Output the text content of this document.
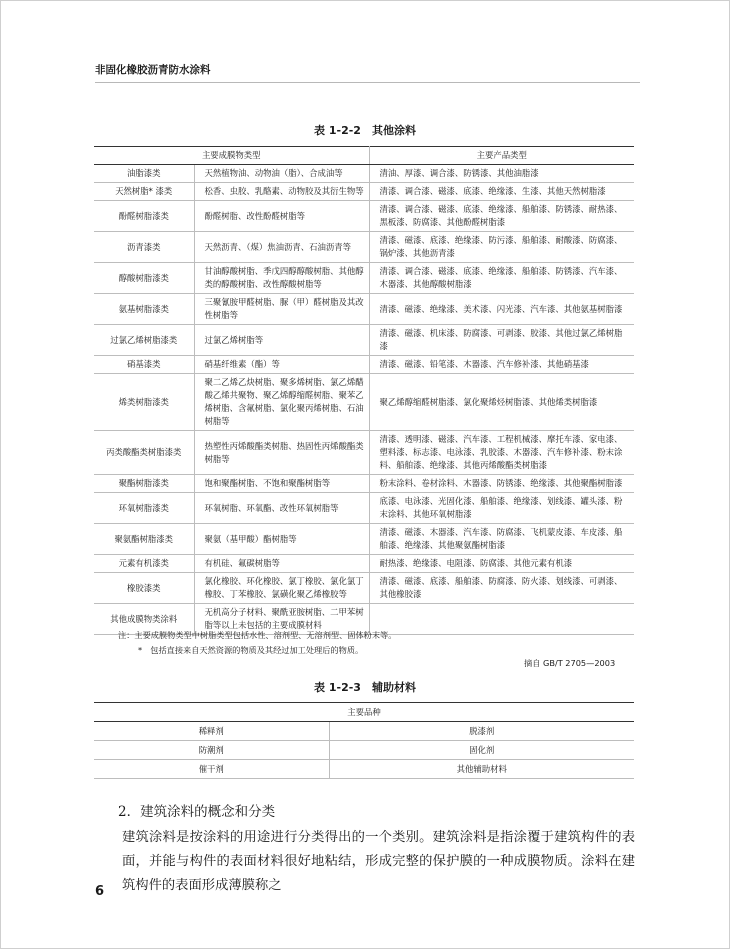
非固化橡胶沥青防水涂料
表 1-2-2　其他涂料
主要成膜物类型		主要产品类型
油脂漆类	天然植物油、动物油（脂）、合成油等	清油、厚漆、调合漆、防锈漆、其他油脂漆
天然树脂* 漆类	松香、虫胶、乳酪素、动物胶及其衍生物等	清漆、调合漆、磁漆、底漆、绝缘漆、生漆、其他天然树脂漆
酚醛树脂漆类	酚醛树脂、改性酚醛树脂等	清漆、调合漆、磁漆、底漆、绝缘漆、船舶漆、防锈漆、耐热漆、黑板漆、防腐漆、其他酚醛树脂漆
沥青漆类	天然沥青、（煤）焦油沥青、石油沥青等	清漆、磁漆、底漆、绝缘漆、防污漆、船舶漆、耐酸漆、防腐漆、锅炉漆、其他沥青漆
醇酸树脂漆类	甘油醇酸树脂、季戊四醇醇酸树脂、其他醇类的醇酸树脂、改性醇酸树脂等	清漆、调合漆、磁漆、底漆、绝缘漆、船舶漆、防锈漆、汽车漆、木器漆、其他醇酸树脂漆
氨基树脂漆类	三聚氰胺甲醛树脂、脲（甲）醛树脂及其改性树脂等	清漆、磁漆、绝缘漆、美术漆、闪光漆、汽车漆、其他氨基树脂漆
过氯乙烯树脂漆类	过氯乙烯树脂等	清漆、磁漆、机床漆、防腐漆、可剥漆、胶漆、其他过氯乙烯树脂漆
硝基漆类	硝基纤维素（酯）等	清漆、磁漆、铅笔漆、木器漆、汽车修补漆、其他硝基漆
烯类树脂漆类	聚二乙烯乙炔树脂、聚多烯树脂、氯乙烯醋酸乙烯共聚物、聚乙烯醇缩醛树脂、聚苯乙烯树脂、含氟树脂、氯化聚丙烯树脂、石油树脂等	聚乙烯醇缩醛树脂漆、氯化聚烯烃树脂漆、其他烯类树脂漆
丙类酸酯类树脂漆类	热塑性丙烯酸酯类树脂、热固性丙烯酸酯类树脂等	清漆、透明漆、磁漆、汽车漆、工程机械漆、摩托车漆、家电漆、塑料漆、标志漆、电泳漆、乳胶漆、木器漆、汽车修补漆、粉末涂料、船舶漆、绝缘漆、其他丙烯酸酯类树脂漆
聚酯树脂漆类	饱和聚酯树脂、不饱和聚酯树脂等	粉末涂料、卷材涂料、木器漆、防锈漆、绝缘漆、其他聚酯树脂漆
环氧树脂漆类	环氧树脂、环氧酯、改性环氧树脂等	底漆、电泳漆、光固化漆、船舶漆、绝缘漆、划线漆、罐头漆、粉末涂料、其他环氧树脂漆
聚氨酯树脂漆类	聚氨（基甲酸）酯树脂等	清漆、磁漆、木器漆、汽车漆、防腐漆、飞机蒙皮漆、车皮漆、船舶漆、绝缘漆、其他聚氨酯树脂漆
元素有机漆类	有机硅、氟碳树脂等	耐热漆、绝缘漆、电阻漆、防腐漆、其他元素有机漆
橡胶漆类	氯化橡胶、环化橡胶、氯丁橡胶、氯化氯丁橡胶、丁苯橡胶、氯磺化聚乙烯橡胶等	清漆、磁漆、底漆、船舶漆、防腐漆、防火漆、划线漆、可剥漆、其他橡胶漆
其他成膜物类涂料	无机高分子材料、聚酰亚胺树脂、二甲苯树脂等以上未包括的主要成膜材料	
注：主要成膜物类型中树脂类型包括水性、溶剂型、无溶剂型、固体粉末等。
*　包括直接来自天然资源的物质及其经过加工处理后的物质。
摘自 GB/T 2705—2003
表 1-2-3　辅助材料
主要品种	
稀释剂	脱漆剂
防潮剂	固化剂
催干剂	其他辅助材料
2．建筑涂料的概念和分类
建筑涂料是按涂料的用途进行分类得出的一个类别。建筑涂料是指涂覆于建筑构件的表面，并能与构件的表面材料很好地粘结，形成完整的保护膜的一种成膜物质。涂料在建筑构件的表面形成薄膜称之
6
